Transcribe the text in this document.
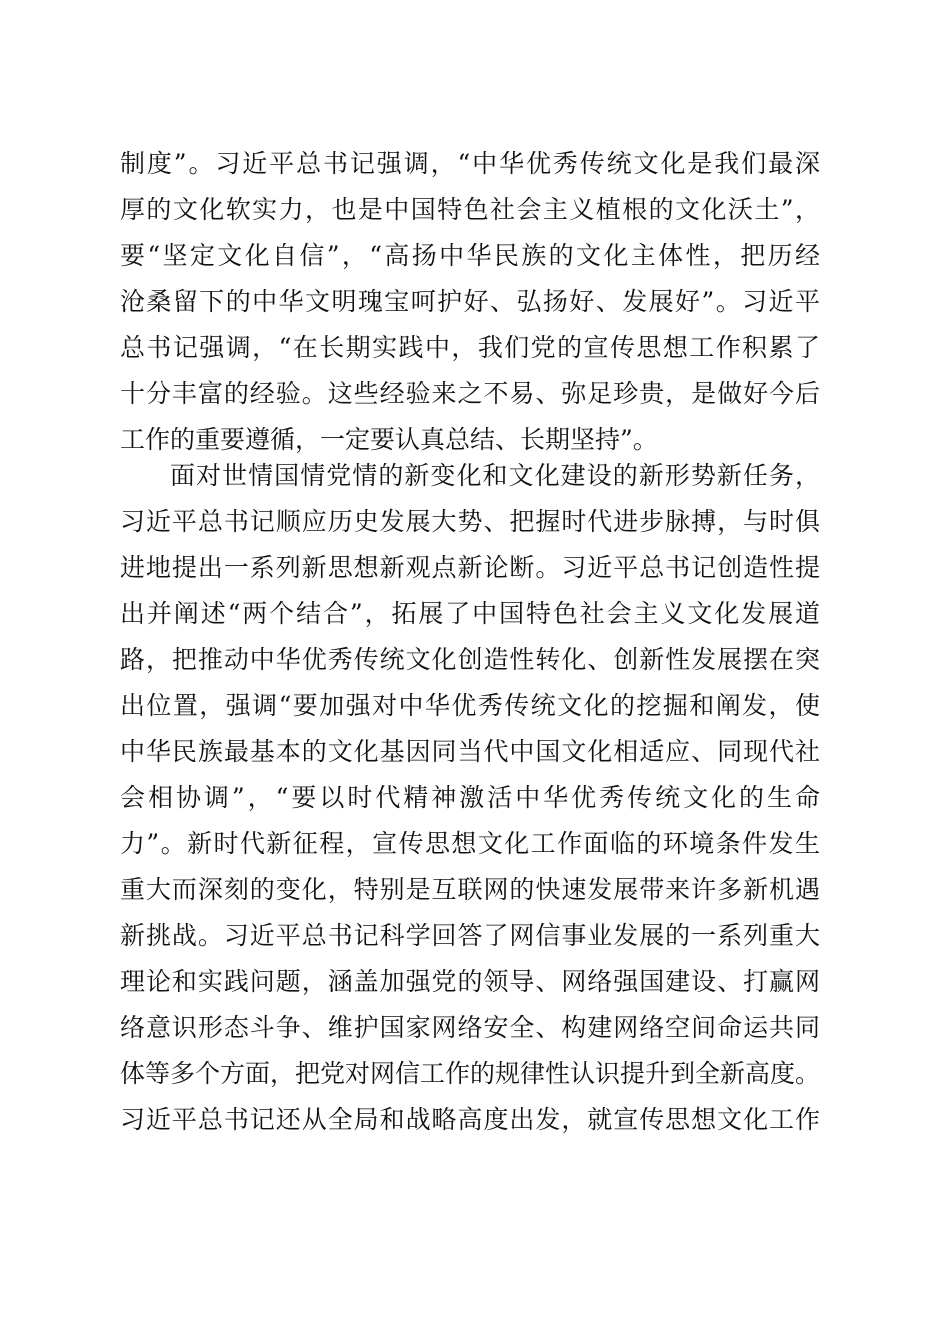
制度”。习近平总书记强调，“中华优秀传统文化是我们最深
厚的文化软实力，也是中国特色社会主义植根的文化沃土”，
要“坚定文化自信”，“高扬中华民族的文化主体性，把历经
沧桑留下的中华文明瑰宝呵护好、弘扬好、发展好”。习近平
总书记强调，“在长期实践中，我们党的宣传思想工作积累了
十分丰富的经验。这些经验来之不易、弥足珍贵，是做好今后
工作的重要遵循，一定要认真总结、长期坚持”。
面对世情国情党情的新变化和文化建设的新形势新任务，
习近平总书记顺应历史发展大势、把握时代进步脉搏，与时俱
进地提出一系列新思想新观点新论断。习近平总书记创造性提
出并阐述“两个结合”，拓展了中国特色社会主义文化发展道
路，把推动中华优秀传统文化创造性转化、创新性发展摆在突
出位置，强调“要加强对中华优秀传统文化的挖掘和阐发，使
中华民族最基本的文化基因同当代中国文化相适应、同现代社
会相协调”，“要以时代精神激活中华优秀传统文化的生命
力”。新时代新征程，宣传思想文化工作面临的环境条件发生
重大而深刻的变化，特别是互联网的快速发展带来许多新机遇
新挑战。习近平总书记科学回答了网信事业发展的一系列重大
理论和实践问题，涵盖加强党的领导、网络强国建设、打赢网
络意识形态斗争、维护国家网络安全、构建网络空间命运共同
体等多个方面，把党对网信工作的规律性认识提升到全新高度。
习近平总书记还从全局和战略高度出发，就宣传思想文化工作
